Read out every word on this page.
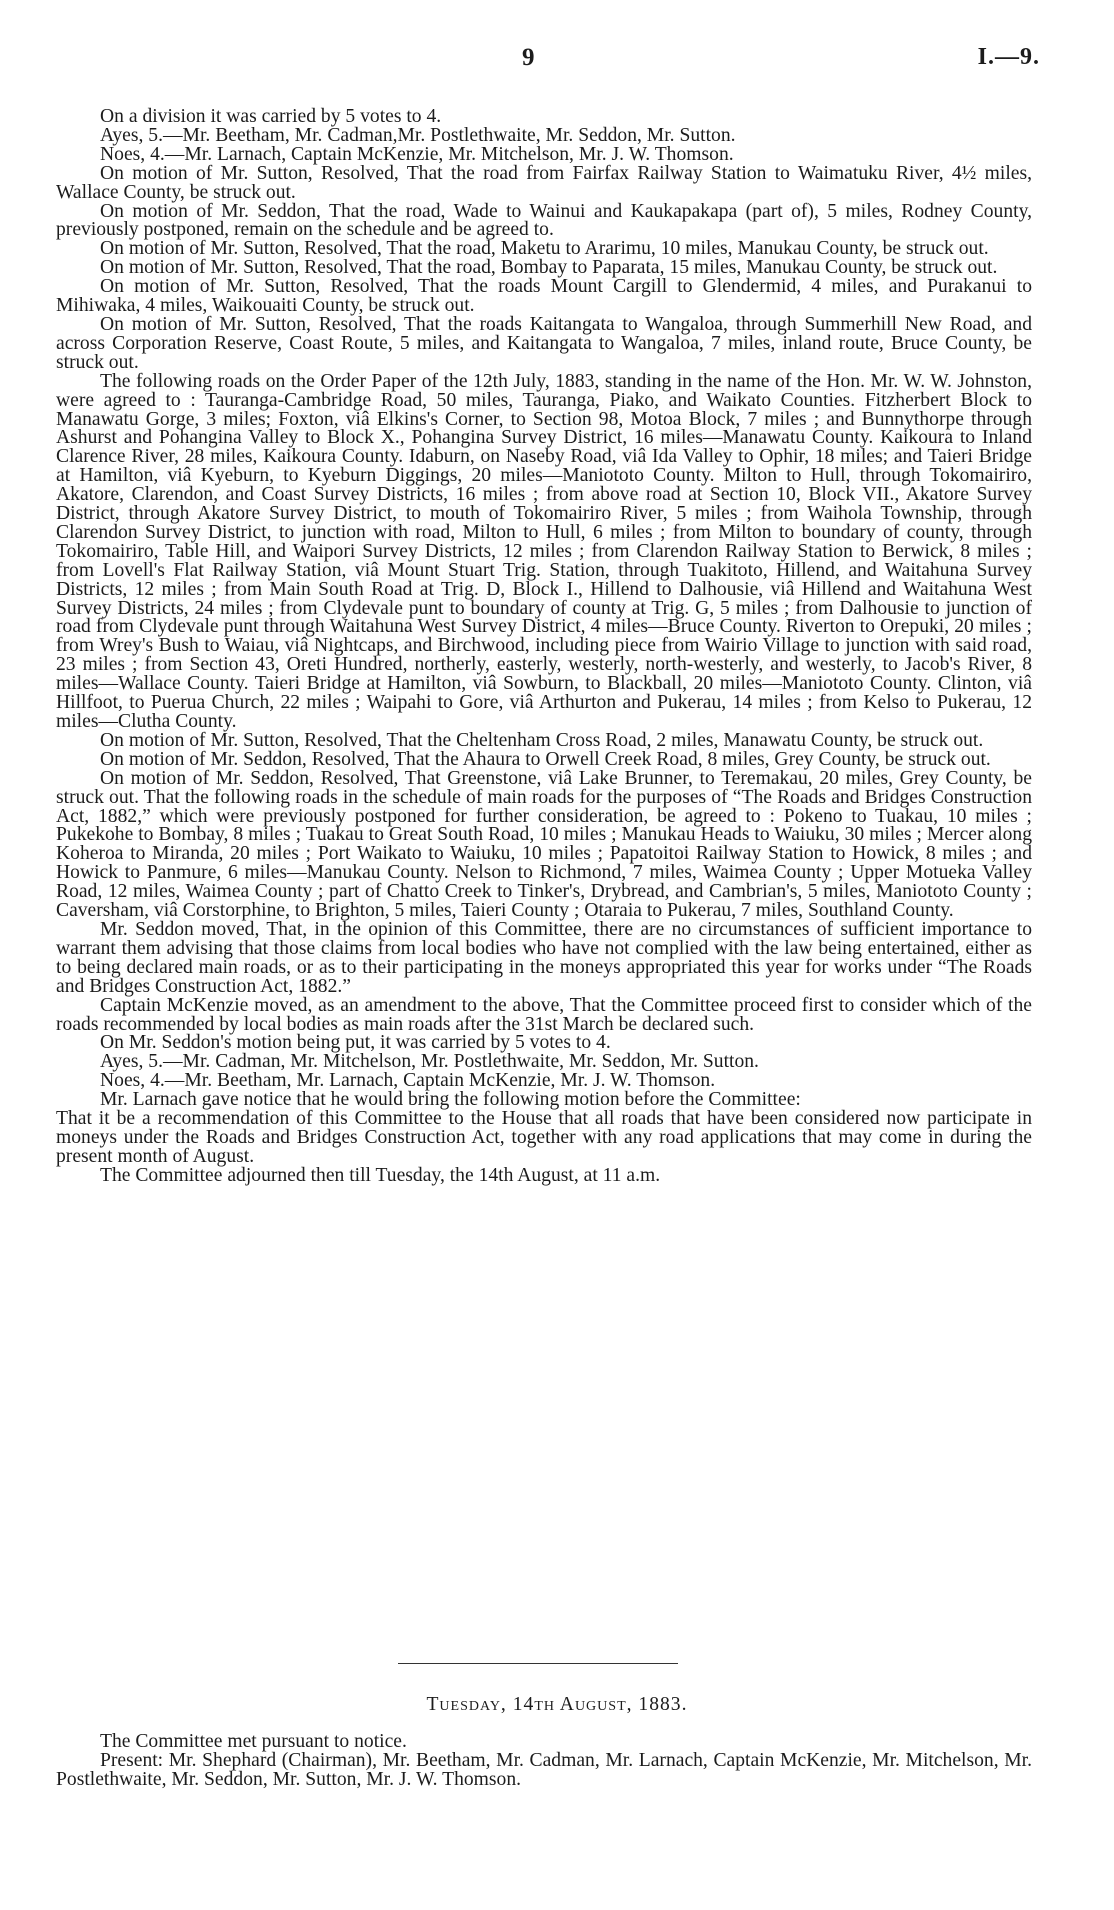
9	I.—9.

On a division it was carried by 5 votes to 4.

Ayes, 5.—Mr. Beetham, Mr. Cadman,Mr. Postlethwaite, Mr. Seddon, Mr. Sutton.

Noes, 4.—Mr. Larnach, Captain McKenzie, Mr. Mitchelson, Mr. J. W. Thomson.

On motion of Mr. Sutton, Resolved, That the road from Fairfax Railway Station to Waimatuku River, 4½ miles, Wallace County, be struck out.

On motion of Mr. Seddon, That the road, Wade to Wainui and Kaukapakapa (part of), 5 miles, Rodney County, previously postponed, remain on the schedule and be agreed to.

On motion of Mr. Sutton, Resolved, That the road, Maketu to Ararimu, 10 miles, Manukau County, be struck out.

On motion of Mr. Sutton, Resolved, That the road, Bombay to Paparata, 15 miles, Manukau County, be struck out.

On motion of Mr. Sutton, Resolved, That the roads Mount Cargill to Glendermid, 4 miles, and Purakanui to Mihiwaka, 4 miles, Waikouaiti County, be struck out.

On motion of Mr. Sutton, Resolved, That the roads Kaitangata to Wangaloa, through Summerhill New Road, and across Corporation Reserve, Coast Route, 5 miles, and Kaitangata to Wangaloa, 7 miles, inland route, Bruce County, be struck out.

The following roads on the Order Paper of the 12th July, 1883, standing in the name of the Hon. Mr. W. W. Johnston, were agreed to : Tauranga-Cambridge Road, 50 miles, Tauranga, Piako, and Waikato Counties. Fitzherbert Block to Manawatu Gorge, 3 miles; Foxton, viâ Elkins's Corner, to Section 98, Motoa Block, 7 miles ; and Bunnythorpe through Ashurst and Pohangina Valley to Block X., Pohangina Survey District, 16 miles—Manawatu County. Kaikoura to Inland Clarence River, 28 miles, Kaikoura County. Idaburn, on Naseby Road, viâ Ida Valley to Ophir, 18 miles; and Taieri Bridge at Hamilton, viâ Kyeburn, to Kyeburn Diggings, 20 miles—Maniototo County. Milton to Hull, through Tokomairiro, Akatore, Clarendon, and Coast Survey Districts, 16 miles ; from above road at Section 10, Block VII., Akatore Survey District, through Akatore Survey District, to mouth of Tokomairiro River, 5 miles ; from Waihola Township, through Clarendon Survey District, to junction with road, Milton to Hull, 6 miles ; from Milton to boundary of county, through Tokomairiro, Table Hill, and Waipori Survey Districts, 12 miles ; from Clarendon Railway Station to Berwick, 8 miles ; from Lovell's Flat Railway Station, viâ Mount Stuart Trig. Station, through Tuakitoto, Hillend, and Waitahuna Survey Districts, 12 miles ; from Main South Road at Trig. D, Block I., Hillend to Dalhousie, viâ Hillend and Waitahuna West Survey Districts, 24 miles ; from Clydevale punt to boundary of county at Trig. G, 5 miles ; from Dalhousie to junction of road from Clydevale punt through Waitahuna West Survey District, 4 miles—Bruce County. Riverton to Orepuki, 20 miles ; from Wrey's Bush to Waiau, viâ Nightcaps, and Birchwood, including piece from Wairio Village to junction with said road, 23 miles ; from Section 43, Oreti Hundred, northerly, easterly, westerly, north-westerly, and westerly, to Jacob's River, 8 miles—Wallace County. Taieri Bridge at Hamilton, viâ Sowburn, to Blackball, 20 miles—Maniototo County. Clinton, viâ Hillfoot, to Puerua Church, 22 miles ; Waipahi to Gore, viâ Arthurton and Pukerau, 14 miles ; from Kelso to Pukerau, 12 miles—Clutha County.

On motion of Mr. Sutton, Resolved, That the Cheltenham Cross Road, 2 miles, Manawatu County, be struck out.

On motion of Mr. Seddon, Resolved, That the Ahaura to Orwell Creek Road, 8 miles, Grey County, be struck out.

On motion of Mr. Seddon, Resolved, That Greenstone, viâ Lake Brunner, to Teremakau, 20 miles, Grey County, be struck out. That the following roads in the schedule of main roads for the purposes of “The Roads and Bridges Construction Act, 1882,” which were previously postponed for further consideration, be agreed to : Pokeno to Tuakau, 10 miles ; Pukekohe to Bombay, 8 miles ; Tuakau to Great South Road, 10 miles ; Manukau Heads to Waiuku, 30 miles ; Mercer along Koheroa to Miranda, 20 miles ; Port Waikato to Waiuku, 10 miles ; Papatoitoi Railway Station to Howick, 8 miles ; and Howick to Panmure, 6 miles—Manukau County. Nelson to Richmond, 7 miles, Waimea County ; Upper Motueka Valley Road, 12 miles, Waimea County ; part of Chatto Creek to Tinker's, Drybread, and Cambrian's, 5 miles, Maniototo County ; Caversham, viâ Corstorphine, to Brighton, 5 miles, Taieri County ; Otaraia to Pukerau, 7 miles, Southland County.

Mr. Seddon moved, That, in the opinion of this Committee, there are no circumstances of sufficient importance to warrant them advising that those claims from local bodies who have not complied with the law being entertained, either as to being declared main roads, or as to their participating in the moneys appropriated this year for works under “The Roads and Bridges Construction Act, 1882.”

Captain McKenzie moved, as an amendment to the above, That the Committee proceed first to consider which of the roads recommended by local bodies as main roads after the 31st March be declared such.

On Mr. Seddon's motion being put, it was carried by 5 votes to 4.

Ayes, 5.—Mr. Cadman, Mr. Mitchelson, Mr. Postlethwaite, Mr. Seddon, Mr. Sutton.

Noes, 4.—Mr. Beetham, Mr. Larnach, Captain McKenzie, Mr. J. W. Thomson.

Mr. Larnach gave notice that he would bring the following motion before the Committee:

That it be a recommendation of this Committee to the House that all roads that have been considered now participate in moneys under the Roads and Bridges Construction Act, together with any road applications that may come in during the present month of August.

The Committee adjourned then till Tuesday, the 14th August, at 11 a.m.

Tuesday, 14th August, 1883.

The Committee met pursuant to notice.

Present: Mr. Shephard (Chairman), Mr. Beetham, Mr. Cadman, Mr. Larnach, Captain McKenzie, Mr. Mitchelson, Mr. Postlethwaite, Mr. Seddon, Mr. Sutton, Mr. J. W. Thomson.
